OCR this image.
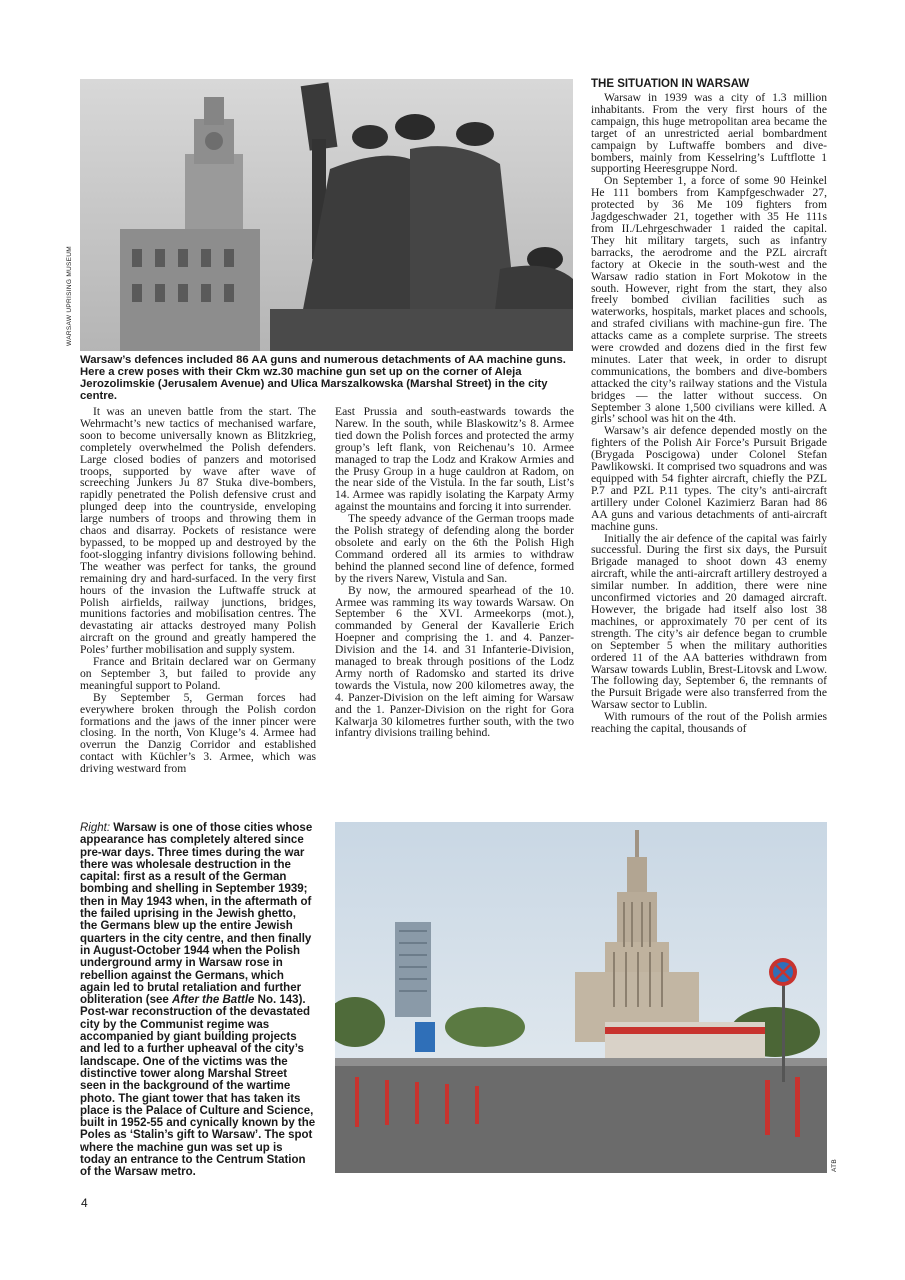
WARSAW UPRISING MUSEUM
Warsaw’s defences included 86 AA guns and numerous detachments of AA machine guns. Here a crew poses with their Ckm wz.30 machine gun set up on the corner of Aleja Jerozolimskie (Jerusalem Avenue) and Ulica Marszalkowska (Marshal Street) in the city centre.

It was an uneven battle from the start. The Wehrmacht’s new tactics of mechanised warfare, soon to become universally known as Blitzkrieg, completely overwhelmed the Polish defenders. Large closed bodies of panzers and motorised troops, supported by wave after wave of screeching Junkers Ju 87 Stuka dive-bombers, rapidly penetrated the Polish defensive crust and plunged deep into the countryside, enveloping large numbers of troops and throwing them in chaos and disarray. Pockets of resistance were bypassed, to be mopped up and destroyed by the foot-slogging infantry divisions following behind. The weather was perfect for tanks, the ground remaining dry and hard-surfaced. In the very first hours of the invasion the Luftwaffe struck at Polish airfields, railway junctions, bridges, munitions factories and mobilisation centres. The devastating air attacks destroyed many Polish aircraft on the ground and greatly hampered the Poles’ further mobilisation and supply system.

France and Britain declared war on Germany on September 3, but failed to provide any meaningful support to Poland.

By September 5, German forces had everywhere broken through the Polish cordon formations and the jaws of the inner pincer were closing. In the north, Von Kluge’s 4. Armee had overrun the Danzig Corridor and established contact with Küchler’s 3. Armee, which was driving westward from

East Prussia and south-eastwards towards the Narew. In the south, while Blaskowitz’s 8. Armee tied down the Polish forces and protected the army group’s left flank, von Reichenau’s 10. Armee managed to trap the Lodz and Krakow Armies and the Prusy Group in a huge cauldron at Radom, on the near side of the Vistula. In the far south, List’s 14. Armee was rapidly isolating the Karpaty Army against the mountains and forcing it into surrender.

The speedy advance of the German troops made the Polish strategy of defending along the border obsolete and early on the 6th the Polish High Command ordered all its armies to withdraw behind the planned second line of defence, formed by the rivers Narew, Vistula and San.

By now, the armoured spearhead of the 10. Armee was ramming its way towards Warsaw. On September 6 the XVI. Armeekorps (mot.), commanded by General der Kavallerie Erich Hoepner and comprising the 1. and 4. Panzer-Division and the 14. and 31 Infanterie-Division, managed to break through positions of the Lodz Army north of Radomsko and started its drive towards the Vistula, now 200 kilometres away, the 4. Panzer-Division on the left aiming for Warsaw and the 1. Panzer-Division on the right for Gora Kalwarja 30 kilometres further south, with the two infantry divisions trailing behind.

THE SITUATION IN WARSAW

Warsaw in 1939 was a city of 1.3 million inhabitants. From the very first hours of the campaign, this huge metropolitan area became the target of an unrestricted aerial bombardment campaign by Luftwaffe bombers and dive-bombers, mainly from Kesselring’s Luftflotte 1 supporting Heeresgruppe Nord.

On September 1, a force of some 90 Heinkel He 111 bombers from Kampfgeschwader 27, protected by 36 Me 109 fighters from Jagdgeschwader 21, together with 35 He 111s from II./Lehrgeschwader 1 raided the capital. They hit military targets, such as infantry barracks, the aerodrome and the PZL aircraft factory at Okecie in the south-west and the Warsaw radio station in Fort Mokotow in the south. However, right from the start, they also freely bombed civilian facilities such as waterworks, hospitals, market places and schools, and strafed civilians with machine-gun fire. The attacks came as a complete surprise. The streets were crowded and dozens died in the first few minutes. Later that week, in order to disrupt communications, the bombers and dive-bombers attacked the city’s railway stations and the Vistula bridges — the latter without success. On September 3 alone 1,500 civilians were killed. A girls’ school was hit on the 4th.

Warsaw’s air defence depended mostly on the fighters of the Polish Air Force’s Pursuit Brigade (Brygada Poscigowa) under Colonel Stefan Pawlikowski. It comprised two squadrons and was equipped with 54 fighter aircraft, chiefly the PZL P.7 and PZL P.11 types. The city’s anti-aircraft artillery under Colonel Kazimierz Baran had 86 AA guns and various detachments of anti-aircraft machine guns.

Initially the air defence of the capital was fairly successful. During the first six days, the Pursuit Brigade managed to shoot down 43 enemy aircraft, while the anti-aircraft artillery destroyed a similar number. In addition, there were nine unconfirmed victories and 20 damaged aircraft. However, the brigade had itself also lost 38 machines, or approximately 70 per cent of its strength. The city’s air defence began to crumble on September 5 when the military authorities ordered 11 of the AA batteries withdrawn from Warsaw towards Lublin, Brest-Litovsk and Lwow. The following day, September 6, the remnants of the Pursuit Brigade were also transferred from the Warsaw sector to Lublin.

With rumours of the rout of the Polish armies reaching the capital, thousands of

Right: Warsaw is one of those cities whose appearance has completely altered since pre-war days. Three times during the war there was wholesale destruction in the capital: first as a result of the German bombing and shelling in September 1939; then in May 1943 when, in the aftermath of the failed uprising in the Jewish ghetto, the Germans blew up the entire Jewish quarters in the city centre, and then finally in August-October 1944 when the Polish underground army in Warsaw rose in rebellion against the Germans, which again led to brutal retaliation and further obliteration (see After the Battle No. 143). Post-war reconstruction of the devastated city by the Communist regime was accompanied by giant building projects and led to a further upheaval of the city’s landscape. One of the victims was the distinctive tower along Marshal Street seen in the background of the wartime photo. The giant tower that has taken its place is the Palace of Culture and Science, built in 1952-55 and cynically known by the Poles as ‘Stalin’s gift to Warsaw’. The spot where the machine gun was set up is today an entrance to the Centrum Station of the Warsaw metro.
ATB
4
